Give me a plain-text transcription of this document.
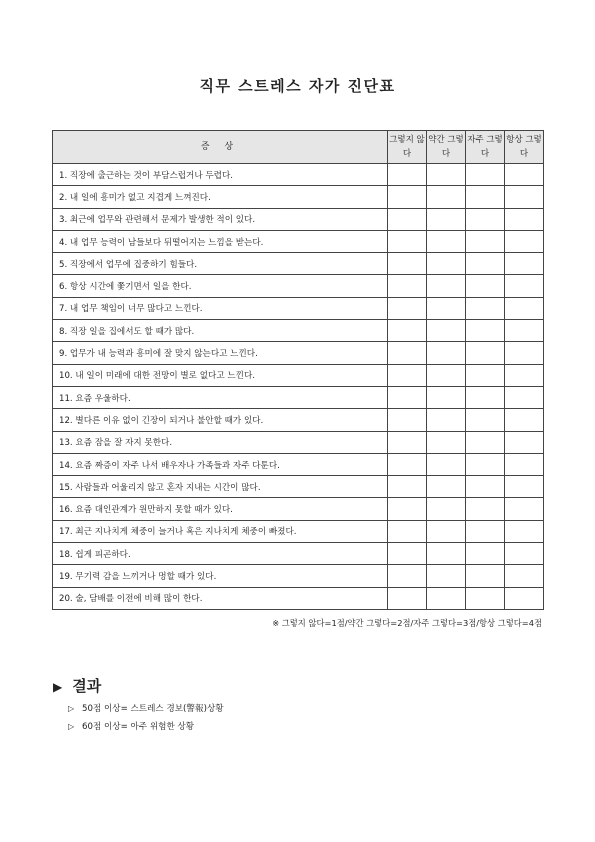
직무 스트레스 자가 진단표
증 상	그렇지 않다	약간 그렇다	자주 그렇다	항상 그렇다
1. 직장에 출근하는 것이 부담스럽거나 두렵다.				
2. 내 일에 흥미가 없고 지겹게 느껴진다.				
3. 최근에 업무와 관련해서 문제가 발생한 적이 있다.				
4. 내 업무 능력이 남들보다 뒤떨어지는 느낌을 받는다.				
5. 직장에서 업무에 집중하기 힘들다.				
6. 항상 시간에 쫓기면서 일을 한다.				
7. 내 업무 책임이 너무 많다고 느낀다.				
8. 직장 일을 집에서도 할 때가 많다.				
9. 업무가 내 능력과 흥미에 잘 맞지 않는다고 느낀다.				
10. 내 일이 미래에 대한 전망이 별로 없다고 느낀다.				
11. 요즘 우울하다.				
12. 별다른 이유 없이 긴장이 되거나 불안할 때가 있다.				
13. 요즘 잠을 잘 자지 못한다.				
14. 요즘 짜증이 자주 나서 배우자나 가족들과 자주 다툰다.				
15. 사람들과 어울리지 않고 혼자 지내는 시간이 많다.				
16. 요즘 대인관계가 원만하지 못할 때가 있다.				
17. 최근 지나치게 체중이 늘거나 혹은 지나치게 체중이 빠졌다.				
18. 쉽게 피곤하다.				
19. 무기력 감을 느끼거나 멍할 때가 있다.				
20. 술, 담배를 이전에 비해 많이 한다.				
※ 그렇지 않다=1점/약간 그렇다=2점/자주 그렇다=3점/항상 그렇다=4점
▶ 결과
▷ 50점 이상= 스트레스 경보(警報)상황
▷ 60점 이상= 아주 위험한 상황
